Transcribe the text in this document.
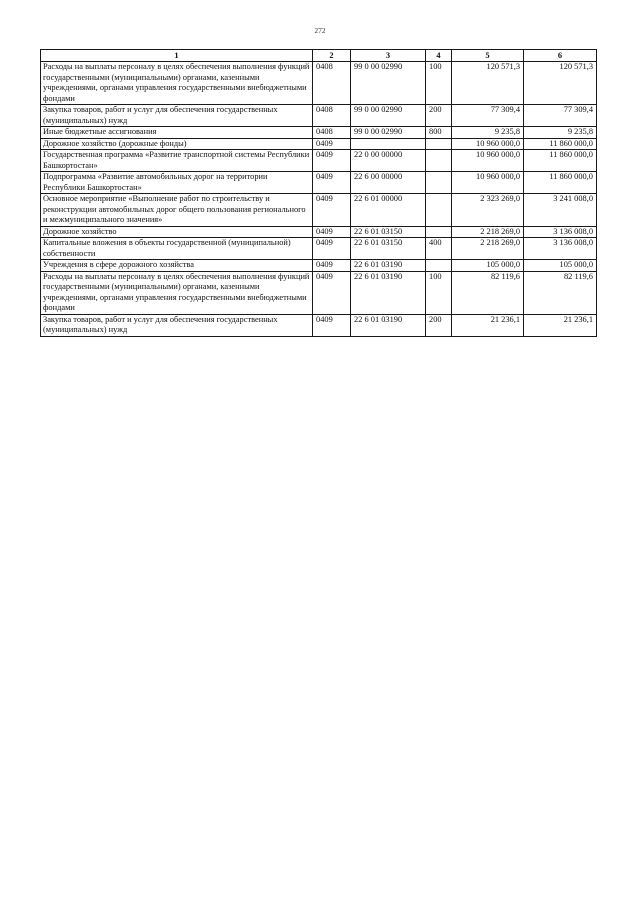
272
1	2	3	4	5	6
Расходы на выплаты персоналу в целях обеспечения выполнения функций государственными (муниципальными) органами, казенными учреждениями, органами управления государственными внебюджетными фондами	0408	99 0 00 02990	100	120 571,3	120 571,3
Закупка товаров, работ и услуг для обеспечения государственных (муниципальных) нужд	0408	99 0 00 02990	200	77 309,4	77 309,4
Иные бюджетные ассигнования	0408	99 0 00 02990	800	9 235,8	9 235,8
Дорожное хозяйство (дорожные фонды)	0409			10 960 000,0	11 860 000,0
Государственная программа «Развитие транспортной системы Республики Башкортостан»	0409	22 0 00 00000		10 960 000,0	11 860 000,0
Подпрограмма «Развитие автомобильных дорог на территории Республики Башкортостан»	0409	22 6 00 00000		10 960 000,0	11 860 000,0
Основное мероприятие «Выполнение работ по строительству и реконструкции автомобильных дорог общего пользования регионального и межмуниципального значения»	0409	22 6 01 00000		2 323 269,0	3 241 008,0
Дорожное хозяйство	0409	22 6 01 03150		2 218 269,0	3 136 008,0
Капитальные вложения в объекты государственной (муниципальной) собственности	0409	22 6 01 03150	400	2 218 269,0	3 136 008,0
Учреждения в сфере дорожного хозяйства	0409	22 6 01 03190		105 000,0	105 000,0
Расходы на выплаты персоналу в целях обеспечения выполнения функций государственными (муниципальными) органами, казенными учреждениями, органами управления государственными внебюджетными фондами	0409	22 6 01 03190	100	82 119,6	82 119,6
Закупка товаров, работ и услуг для обеспечения государственных (муниципальных) нужд	0409	22 6 01 03190	200	21 236,1	21 236,1
